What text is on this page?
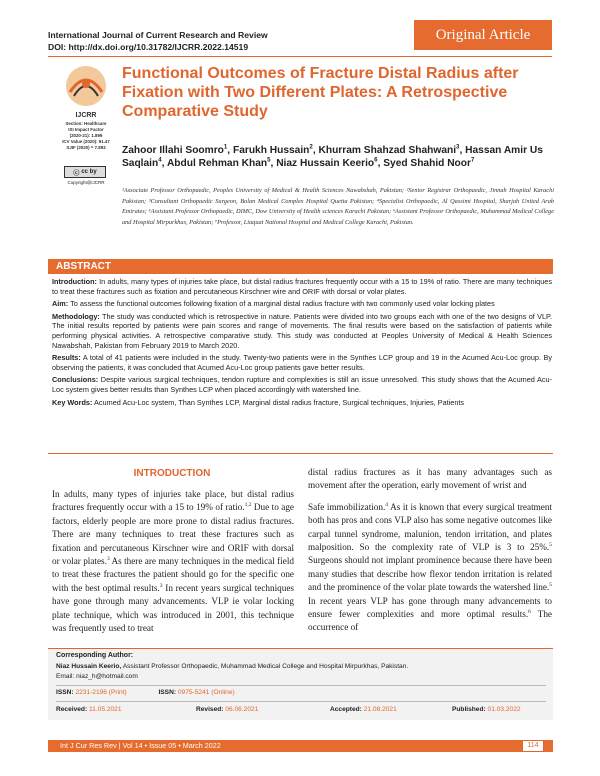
International Journal of Current Research and Review
DOI: http://dx.doi.org/10.31782/IJCRR.2022.14519
Original Article
IJCRR
Section: Healthcare
ISI Impact Factor
(2020-21): 1.899
ICV Value (2020): 91.47
SJIF (2020) = 7.893
ⓒ cc by
Copyright@IJCRR
Functional Outcomes of Fracture Distal Radius after Fixation with Two Different Plates: A Retrospective Comparative Study
Zahoor Illahi Soomro$^1$, Farukh Hussain$^2$, Khurram Shahzad Shahwani$^3$, Hassan Amir Us Saqlain$^4$, Abdul Rehman Khan$^5$, Niaz Hussain Keerio$^6$, Syed Shahid Noor$^7$
¹Associate Professor Orthopaedic, Peoples University of Medical & Health Sciences Nawabshah, Pakistan; ²Senior Registrar Orthopaedic, Jinnah Hospital Karachi Pakistan; ³Consultant Orthopaedic Surgeon, Bolan Medical Complex Hospital Quetta Pakistan; ⁴Specialist Orthopaedic, Al Qassimi Hospital, Sharjah United Arab Emirates; ⁵Assistant Professor Orthopaedic, DIMC, Dow University of Health sciences Karachi Pakistan; ⁶Assistant Professor Orthopaedic, Muhammad Medical College and Hospital Mirpurkhas, Pakistan; ⁷Professor, Liaquat National Hospital and Medical College Karachi, Pakistan.
ABSTRACT

Introduction: In adults, many types of injuries take place, but distal radius fractures frequently occur with a 15 to 19% of ratio. There are many techniques to treat these fractures such as fixation and percutaneous Kirschner wire and ORIF with dorsal or volar plates.

Aim: To assess the functional outcomes following fixation of a marginal distal radius fracture with two commonly used volar locking plates

Methodology: The study was conducted which is retrospective in nature. Patients were divided into two groups each with one of the two designs of VLP. The initial results reported by patients were pain scores and range of movements. The final results were based on the satisfaction of patients while performing physical activities. A retrospective comparative study. This study was conducted at Peoples University of Medical & Health Sciences Nawabshah, Pakistan from February 2019 to March 2020.

Results: A total of 41 patients were included in the study. Twenty-two patients were in the Synthes LCP group and 19 in the Acumed Acu-Loc group. By observing the patients, it was concluded that Acumed Acu-Loc group patients gave better results.

Conclusions: Despite various surgical techniques, tendon rupture and complexities is still an issue unresolved. This study shows that the Acumed Acu-Loc system gives better results than Synthes LCP when placed accordingly with watershed line.

Key Words: Acumed Acu-Loc system, Than Synthes LCP, Marginal distal radius fracture, Surgical techniques, Injuries, Patients

INTRODUCTION

In adults, many types of injuries take place, but distal radius fractures frequently occur with a 15 to 19% of ratio.$^{1,2}$ Due to age factors, elderly people are more prone to distal radius fractures. There are many techniques to treat these fractures such as fixation and percutaneous Kirschner wire and ORIF with dorsal or volar plates.$^3$ As there are many techniques in the medical field to treat these fractures the patient should go for the specific one with the best optimal results.$^3$ In recent years surgical techniques have gone through many advancements. VLP ie volar locking plate technique, which was introduced in 2001, this technique was frequently used to treat

distal radius fractures as it has many advantages such as movement after the operation, early movement of wrist and

Safe immobilization.$^4$ As it is known that every surgical treatment both has pros and cons VLP also has some negative outcomes like carpal tunnel syndrome, malunion, tendon irritation, and plates malposition. So the complexity rate of VLP is 3 to 25%.$^5$ Surgeons should not implant prominence because there have been many studies that describe how flexor tendon irritation is related and the prominence of the volar plate towards the watershed line.$^5$ In recent years VLP has gone through many advancements to ensure fewer complexities and more optimal results.$^6$ The occurrence of

Corresponding Author:
Niaz Hussain Keerio, Assistant Professor Orthopaedic, Muhammad Medical College and Hospital Mirpurkhas, Pakistan.
Email: niaz_h@hotmail.com
ISSN: 2231-2196 (Print)	ISSN: 0975-5241 (Online)
Received: 11.05.2021	Revised: 06.06.2021	Accepted: 21.08.2021	Published: 01.03.2022
Int J Cur Res Rev | Vol 14 • Issue 05 • March 2022	114
